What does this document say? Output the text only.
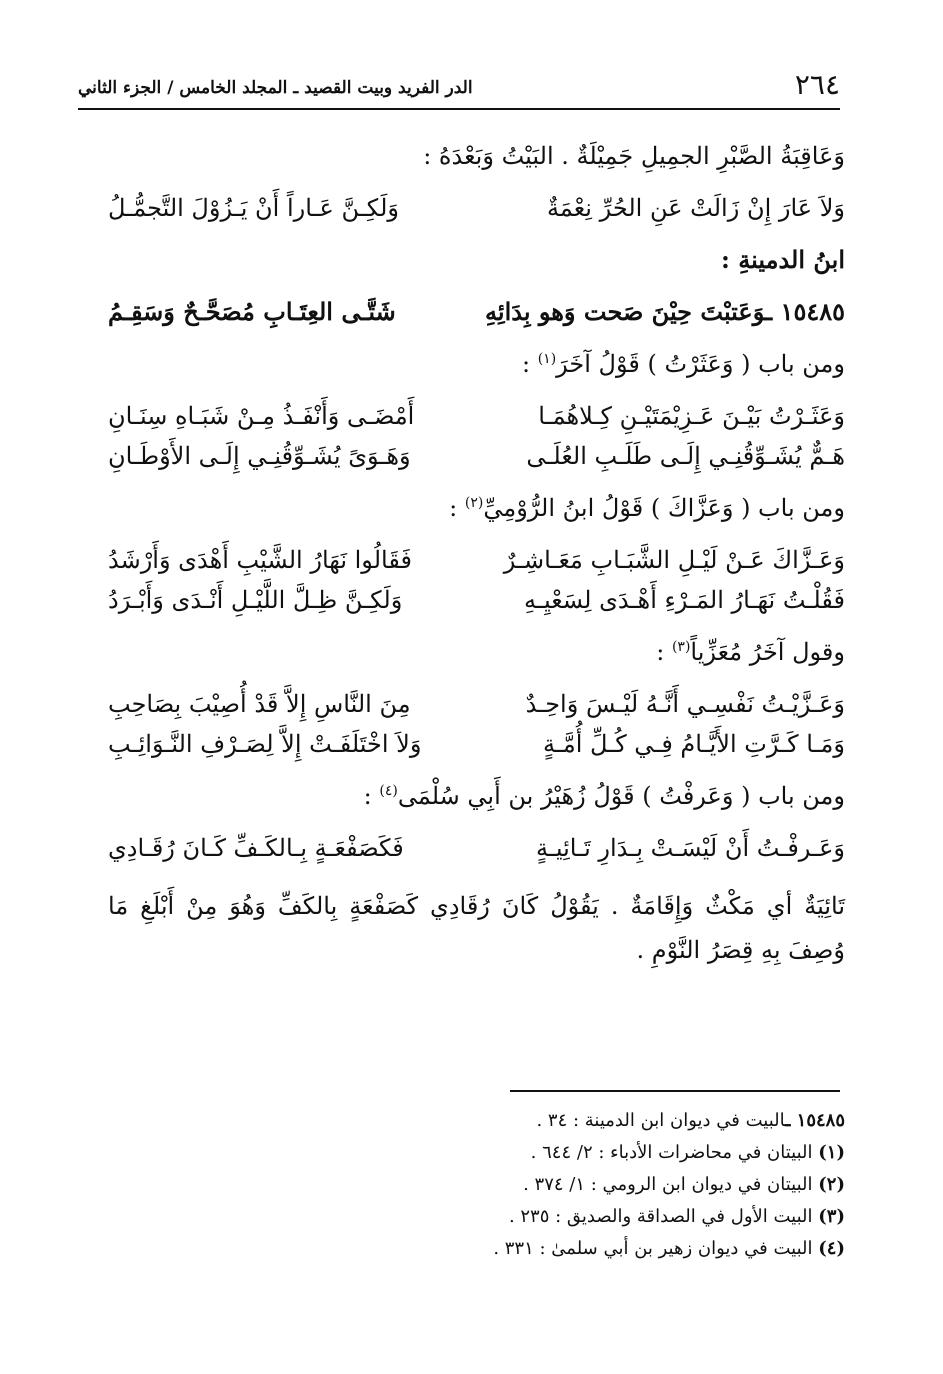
٢٦٤
الدر الفريد وبيت القصيد ـ المجلد الخامس / الجزء الثاني
وَعَاقِبَةُ الصَّبْرِ الجمِيلِ جَمِيْلَةٌ . البَيْتُ وَبَعْدَهُ :
وَلاَ عَارَ إِنْ زَالَتْ عَنِ الحُرِّ نِعْمَةٌ
وَلَكِـنَّ عَـاراً أَنْ يَـزُوْلَ التَّجمُّـلُ
ابنُ الدمينةِ :
١٥٤٨٥ ـوَعَتبْتَ حِيْنَ صَحت وَهو بِدَائِهِ
شَتَّـى العِتَـابِ مُصَحَّـحٌ وَسَقِـمُ
ومن باب ( وَعَثَرْتُ ) قَوْلُ آخَرَ$^{(١)}$ :
وَعَثَـرْتُ بَيْـنَ عَـزِيْمَتَيْـنِ كِـلاهُمَـا
أَمْضَـى وَأَنْفَـذُ مِـنْ شَبَـاهِ سِنَـانِ
هَـمٌّ يُشَـوِّقُنِـي إِلَـى طَلَـبِ العُلَـى
وَهَـوَىً يُشَـوِّقُنِـي إِلَـى الأَوْطَـانِ
ومن باب ( وَعَزَّاكَ ) قَوْلُ ابنُ الرُّوْمِيِّ$^{(٢)}$ :
وَعَـزَّاكَ عَـنْ لَيْـلِ الشَّبَـابِ مَعَـاشِـرٌ
فَقَالُوا نَهَارُ الشَّيْبِ أَهْدَى وَأَرْشَدُ
فَقُلْـتُ نَهَـارُ المَـرْءِ أَهْـدَى لِسَعْيِـهِ
وَلَكِـنَّ ظِـلَّ اللَّيْـلِ أَنْـدَى وَأَبْـرَدُ
وقول آخَرُ مُعَزِّياً$^{(٣)}$ :
وَعَـزَّيْـتُ نَفْسِـي أَنَّـهُ لَيْـسَ وَاحِـدٌ
مِنَ النَّاسِ إِلاَّ قَدْ أُصِيْبَ بِصَاحِبِ
وَمَـا كَـرَّتِ الأَيَّـامُ فِـي كُـلِّ أُمَّـةٍ
وَلاَ اخْتَلَفَـتْ إِلاَّ لِصَـرْفِ النَّـوَائِـبِ
ومن باب ( وَعَرفْتُ ) قَوْلُ زُهَيْرُ بن أَبِي سُلْمَى$^{(٤)}$ :
وَعَـرفْـتُ أَنْ لَيْسَـتْ بِـدَارِ تَـائِيـةٍ
فَكَصَفْعَـةٍ بِـالكَـفِّ كَـانَ رُقَـادِي
تَائِيَةٌ أي مَكْثٌ وَإِقَامَةٌ . يَقُوْلُ كَانَ رُقَادِي كَصَفْعَةٍ بِالكَفِّ وَهُوَ مِنْ أَبْلَغِ مَا وُصِفَ بِهِ قِصَرُ النَّوْمِ .
١٥٤٨٥ ـالبيت في ديوان ابن الدمينة : ٣٤ .
(١) البيتان في محاضرات الأدباء : ٢/ ٦٤٤ .
(٢) البيتان في ديوان ابن الرومي : ١/ ٣٧٤ .
(٣) البيت الأول في الصداقة والصديق : ٢٣٥ .
(٤) البيت في ديوان زهير بن أبي سلمىٰ : ٣٣١ .
